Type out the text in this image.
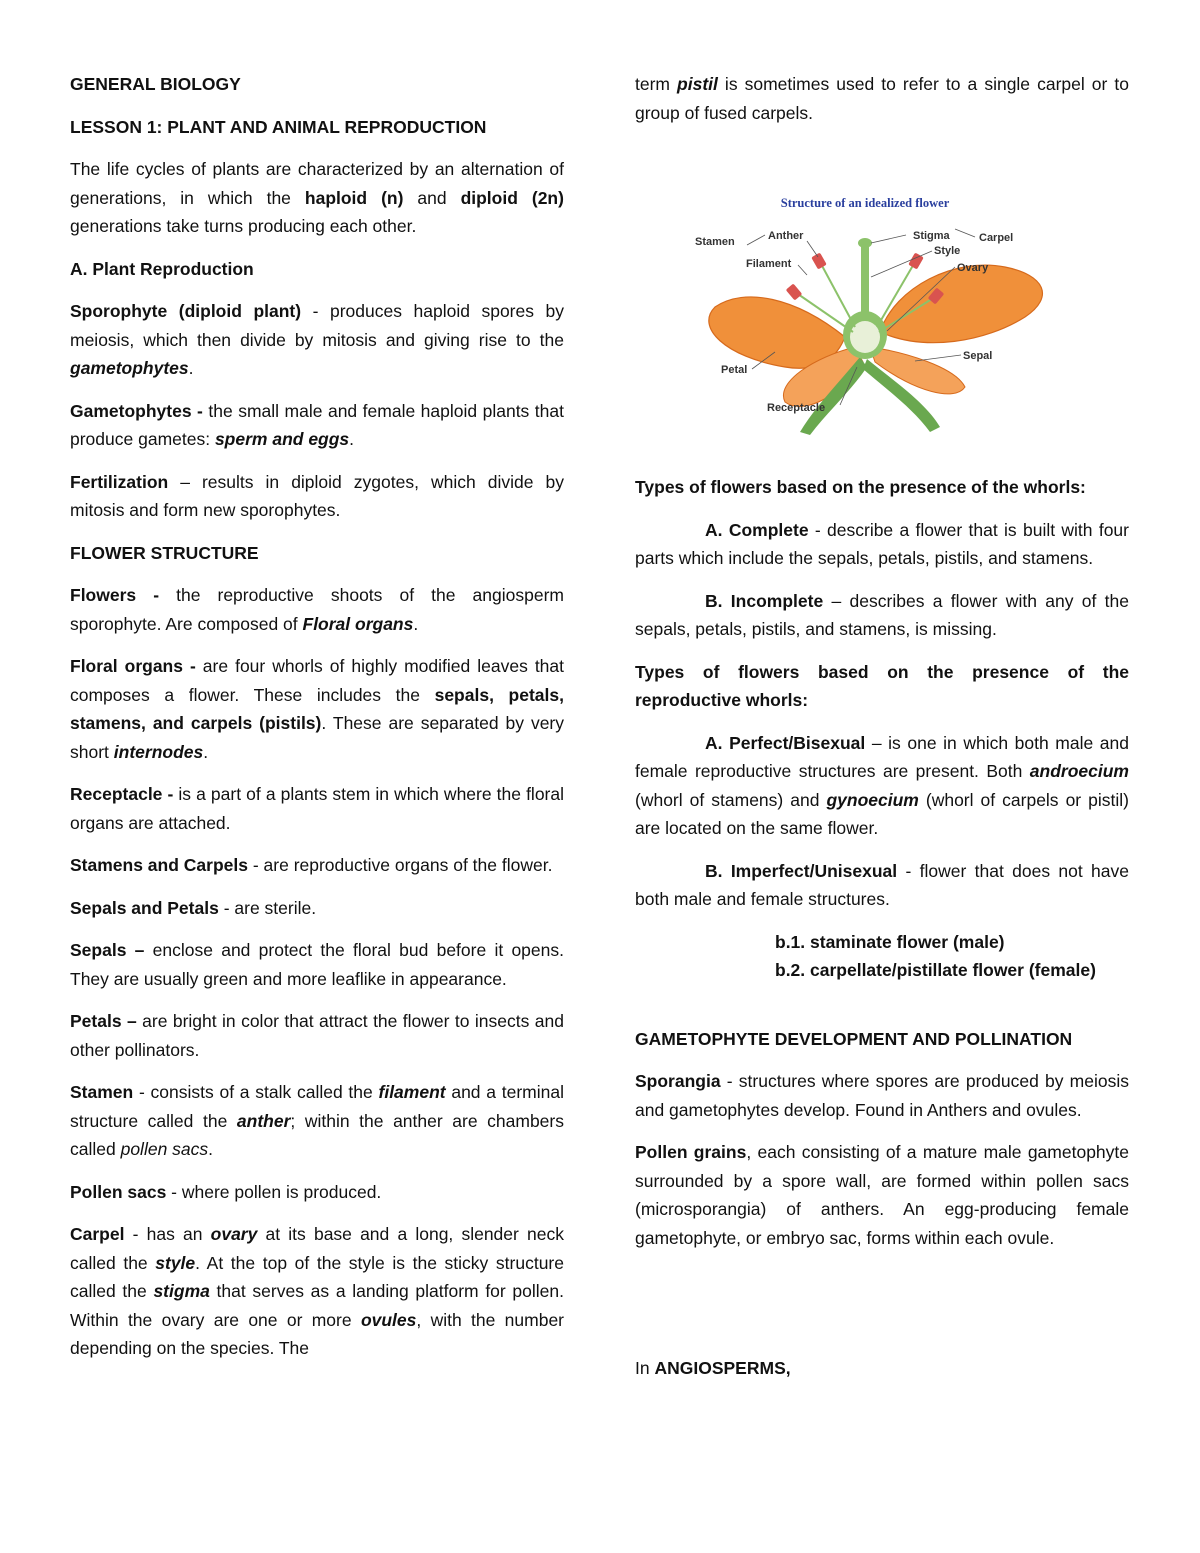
GENERAL BIOLOGY
LESSON 1: PLANT AND ANIMAL REPRODUCTION

The life cycles of plants are characterized by an alternation of generations, in which the haploid (n) and diploid (2n) generations take turns producing each other.

A. Plant Reproduction

Sporophyte (diploid plant) - produces haploid spores by meiosis, which then divide by mitosis and giving rise to the gametophytes.

Gametophytes - the small male and female haploid plants that produce gametes: sperm and eggs.

Fertilization – results in diploid zygotes, which divide by mitosis and form new sporophytes.

FLOWER STRUCTURE

Flowers - the reproductive shoots of the angiosperm sporophyte. Are composed of Floral organs.

Floral organs - are four whorls of highly modified leaves that composes a flower. These includes the sepals, petals, stamens, and carpels (pistils). These are separated by very short internodes.

Receptacle - is a part of a plants stem in which where the floral organs are attached.

Stamens and Carpels - are reproductive organs of the flower.

Sepals and Petals - are sterile.

Sepals – enclose and protect the floral bud before it opens. They are usually green and more leaflike in appearance.

Petals – are bright in color that attract the flower to insects and other pollinators.

Stamen - consists of a stalk called the filament and a terminal structure called the anther; within the anther are chambers called pollen sacs.

Pollen sacs - where pollen is produced.

Carpel - has an ovary at its base and a long, slender neck called the style. At the top of the style is the sticky structure called the stigma that serves as a landing platform for pollen. Within the ovary are one or more ovules, with the number depending on the species. The

term pistil is sometimes used to refer to a single carpel or to group of fused carpels.

Structure of an idealized flower
Stamen	Anther
Filament
Stigma
Style
Carpel
Ovary
Petal
Sepal
Receptacle
Types of flowers based on the presence of the whorls:

A. Complete - describe a flower that is built with four parts which include the sepals, petals, pistils, and stamens.

B. Incomplete – describes a flower with any of the sepals, petals, pistils, and stamens, is missing.

Types of flowers based on the presence of the reproductive whorls:

A. Perfect/Bisexual – is one in which both male and female reproductive structures are present. Both androecium (whorl of stamens) and gynoecium (whorl of carpels or pistil) are located on the same flower.

B. Imperfect/Unisexual - flower that does not have both male and female structures.

b.1. staminate flower (male)

b.2. carpellate/pistillate flower (female)

GAMETOPHYTE DEVELOPMENT AND POLLINATION

Sporangia - structures where spores are produced by meiosis and gametophytes develop. Found in Anthers and ovules.

Pollen grains, each consisting of a mature male gametophyte surrounded by a spore wall, are formed within pollen sacs (microsporangia) of anthers. An egg-producing female gametophyte, or embryo sac, forms within each ovule.

In ANGIOSPERMS,
